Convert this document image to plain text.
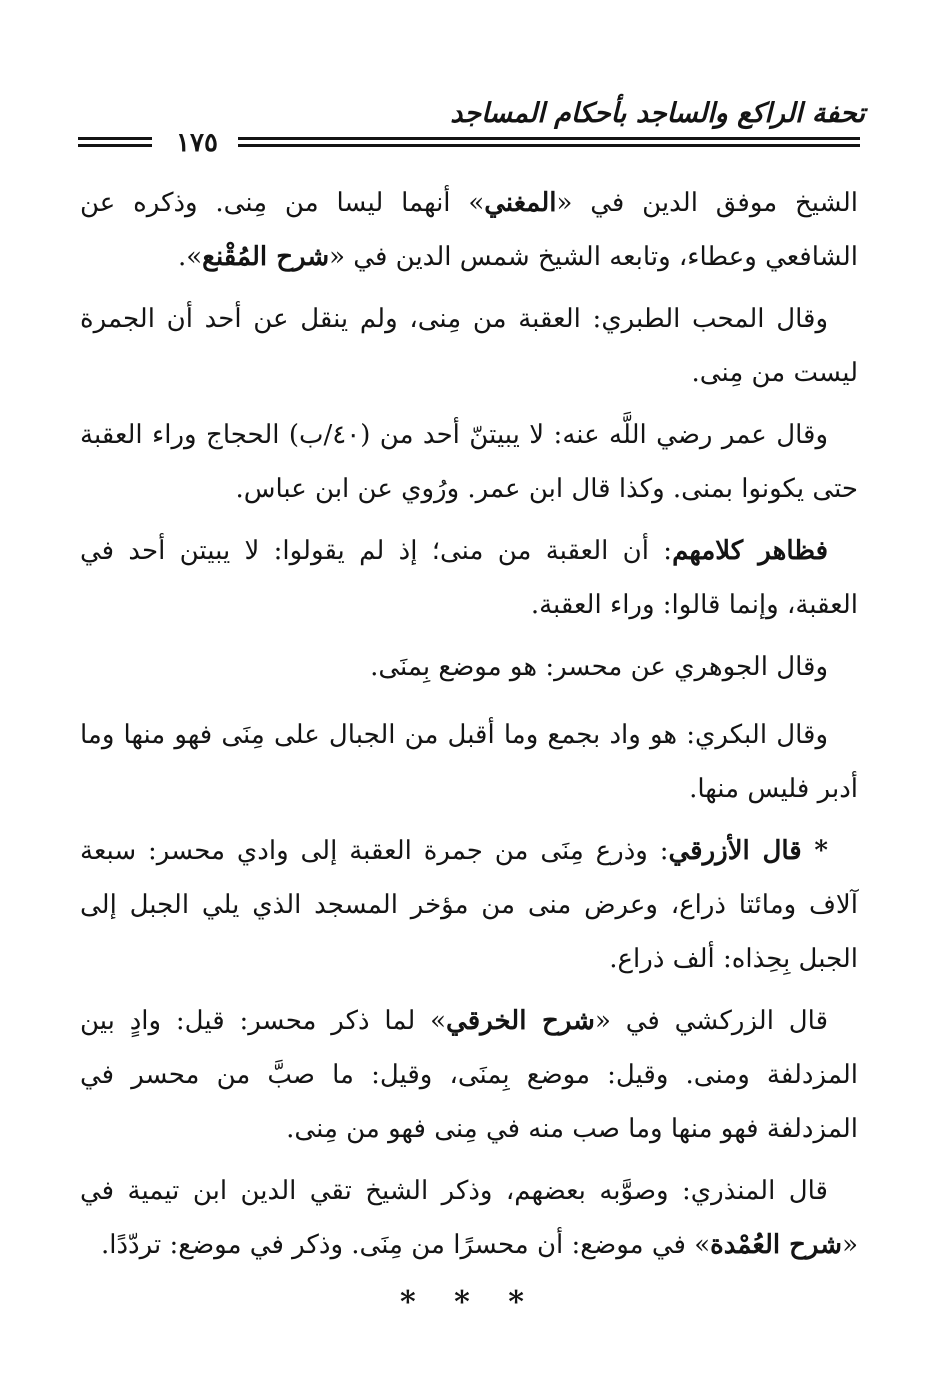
تحفة الراكع والساجد بأحكام المساجد
١٧٥

الشيخ موفق الدين في «المغني» أنهما ليسا من مِنى. وذكره عن الشافعي وعطاء، وتابعه الشيخ شمس الدين في «شرح المُقْنع».

وقال المحب الطبري: العقبة من مِنى، ولم ينقل عن أحد أن الجمرة ليست من مِنى.

وقال عمر رضي اللَّه عنه: لا يبيتنّ أحد من (٤٠/ب) الحجاج وراء العقبة حتى يكونوا بمنى. وكذا قال ابن عمر. ورُوي عن ابن عباس.

فظاهر كلامهم: أن العقبة من منى؛ إذ لم يقولوا: لا يبيتن أحد في العقبة، وإنما قالوا: وراء العقبة.

وقال الجوهري عن محسر: هو موضع بِمنَى.

وقال البكري: هو واد بجمع وما أقبل من الجبال على مِنَى فهو منها وما أدبر فليس منها.

* قال الأزرقي: وذرع مِنَى من جمرة العقبة إلى وادي محسر: سبعة آلاف ومائتا ذراع، وعرض منى من مؤخر المسجد الذي يلي الجبل إلى الجبل بِحِذاه: ألف ذراع.

قال الزركشي في «شرح الخرقي» لما ذكر محسر: قيل: وادٍ بين المزدلفة ومنى. وقيل: موضع بِمنَى، وقيل: ما صبَّ من محسر في المزدلفة فهو منها وما صب منه في مِنى فهو من مِنى.

قال المنذري: وصوَّبه بعضهم، وذكر الشيخ تقي الدين ابن تيمية في «شرح العُمْدة» في موضع: أن محسرًا من مِنَى. وذكر في موضع: تردّدًا.

* * *
